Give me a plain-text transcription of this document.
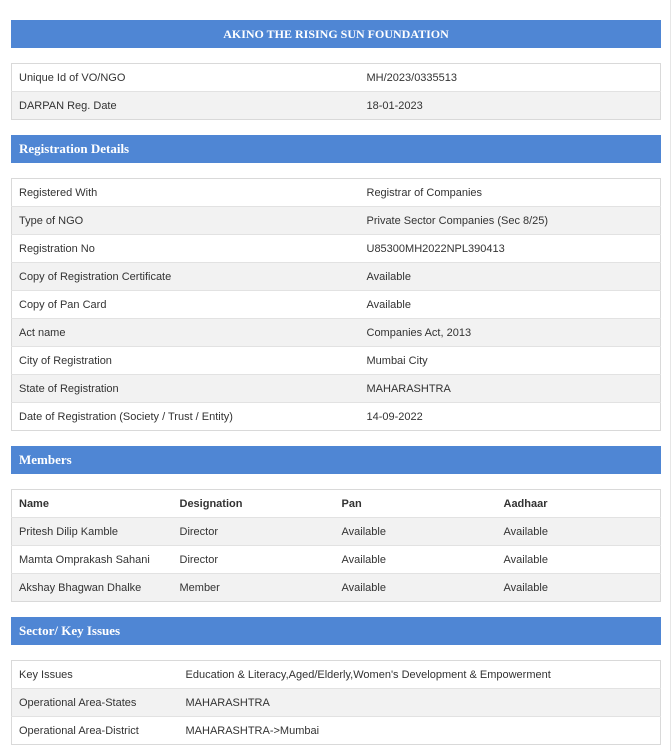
AKINO THE RISING SUN FOUNDATION
Unique Id of VO/NGO	MH/2023/0335513
DARPAN Reg. Date	18-01-2023
Registration Details
Registered With	Registrar of Companies
Type of NGO	Private Sector Companies (Sec 8/25)
Registration No	U85300MH2022NPL390413
Copy of Registration Certificate	Available
Copy of Pan Card	Available
Act name	Companies Act, 2013
City of Registration	Mumbai City
State of Registration	MAHARASHTRA
Date of Registration (Society / Trust / Entity)	14-09-2022
Members
Name	Designation	Pan	Aadhaar
Pritesh Dilip Kamble	Director	Available	Available
Mamta Omprakash Sahani	Director	Available	Available
Akshay Bhagwan Dhalke	Member	Available	Available
Sector/ Key Issues
Key Issues	Education & Literacy,Aged/Elderly,Women's Development & Empowerment
Operational Area-States	MAHARASHTRA
Operational Area-District	MAHARASHTRA->Mumbai
